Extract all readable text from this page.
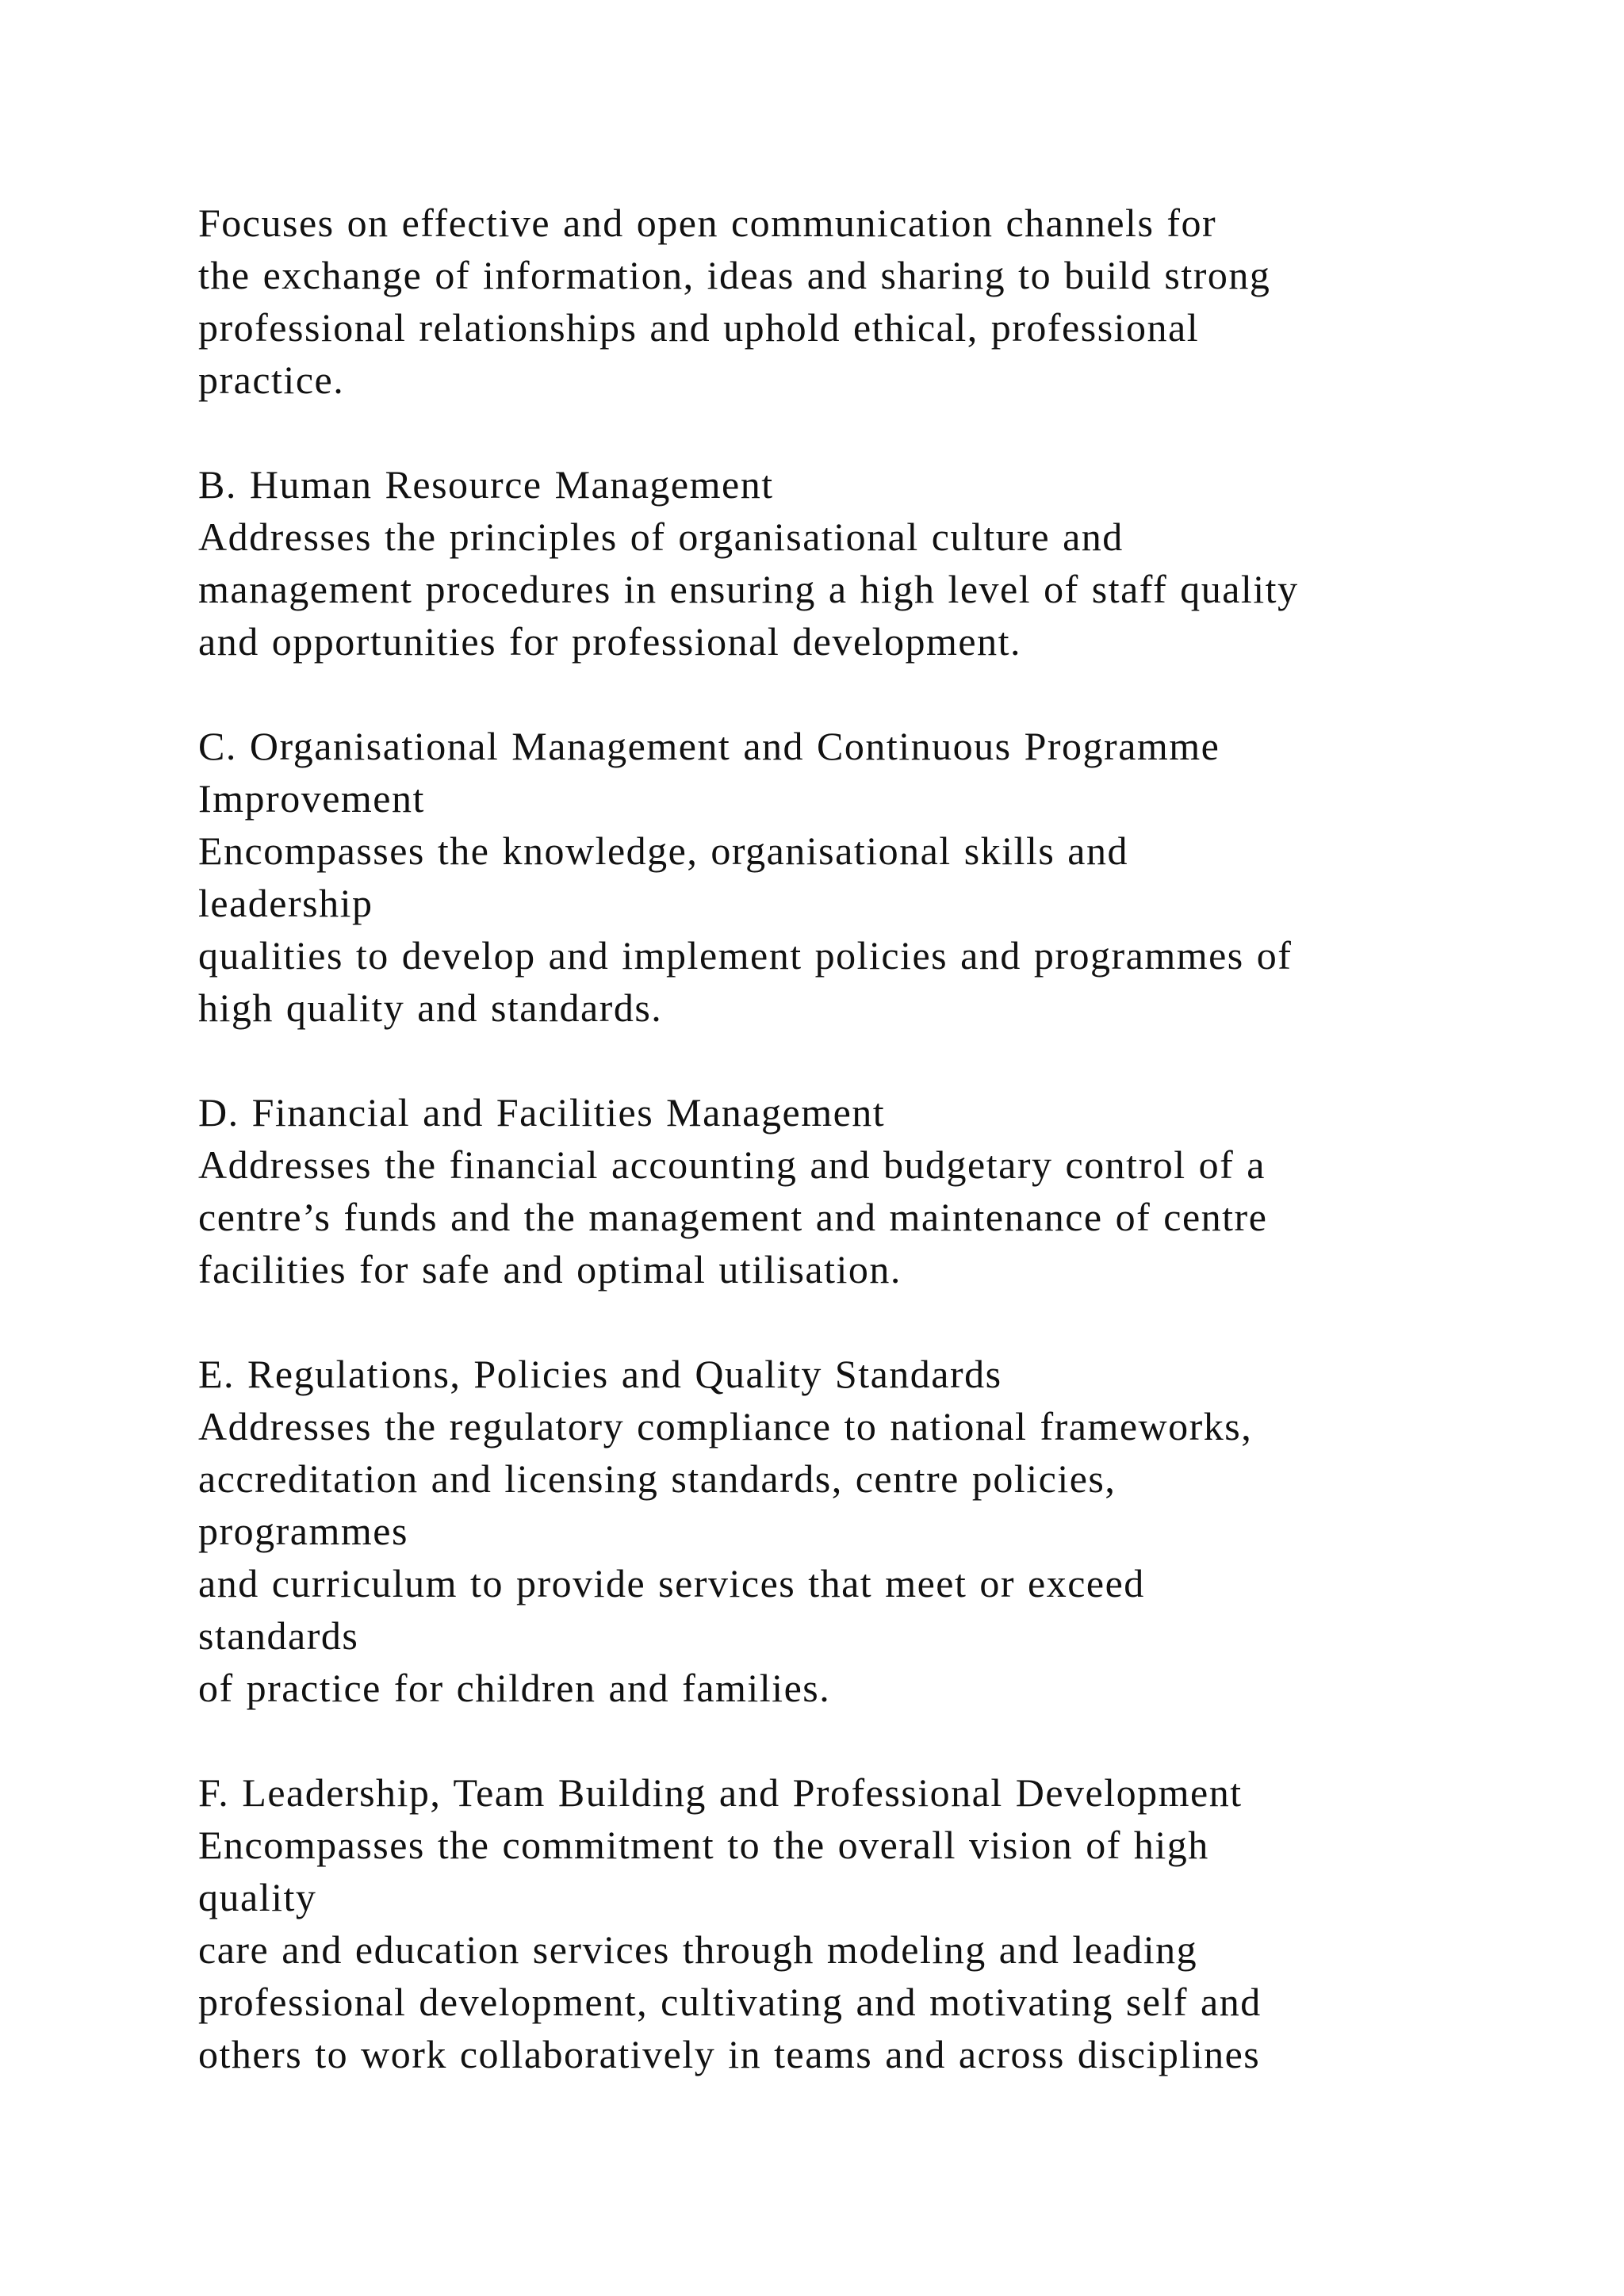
Focuses on effective and open communication channels for
the exchange of information, ideas and sharing to build strong
professional relationships and uphold ethical, professional
practice.
B. Human Resource Management
Addresses the principles of organisational culture and
management procedures in ensuring a high level of staff quality
and opportunities for professional development.
C. Organisational Management and Continuous Programme
Improvement
Encompasses the knowledge, organisational skills and
leadership
qualities to develop and implement policies and programmes of
high quality and standards.
D. Financial and Facilities Management
Addresses the financial accounting and budgetary control of a
centre’s funds and the management and maintenance of centre
facilities for safe and optimal utilisation.
E. Regulations, Policies and Quality Standards
Addresses the regulatory compliance to national frameworks,
accreditation and licensing standards, centre policies,
programmes
and curriculum to provide services that meet or exceed
standards
of practice for children and families.
F. Leadership, Team Building and Professional Development
Encompasses the commitment to the overall vision of high
quality
care and education services through modeling and leading
professional development, cultivating and motivating self and
others to work collaboratively in teams and across disciplines
